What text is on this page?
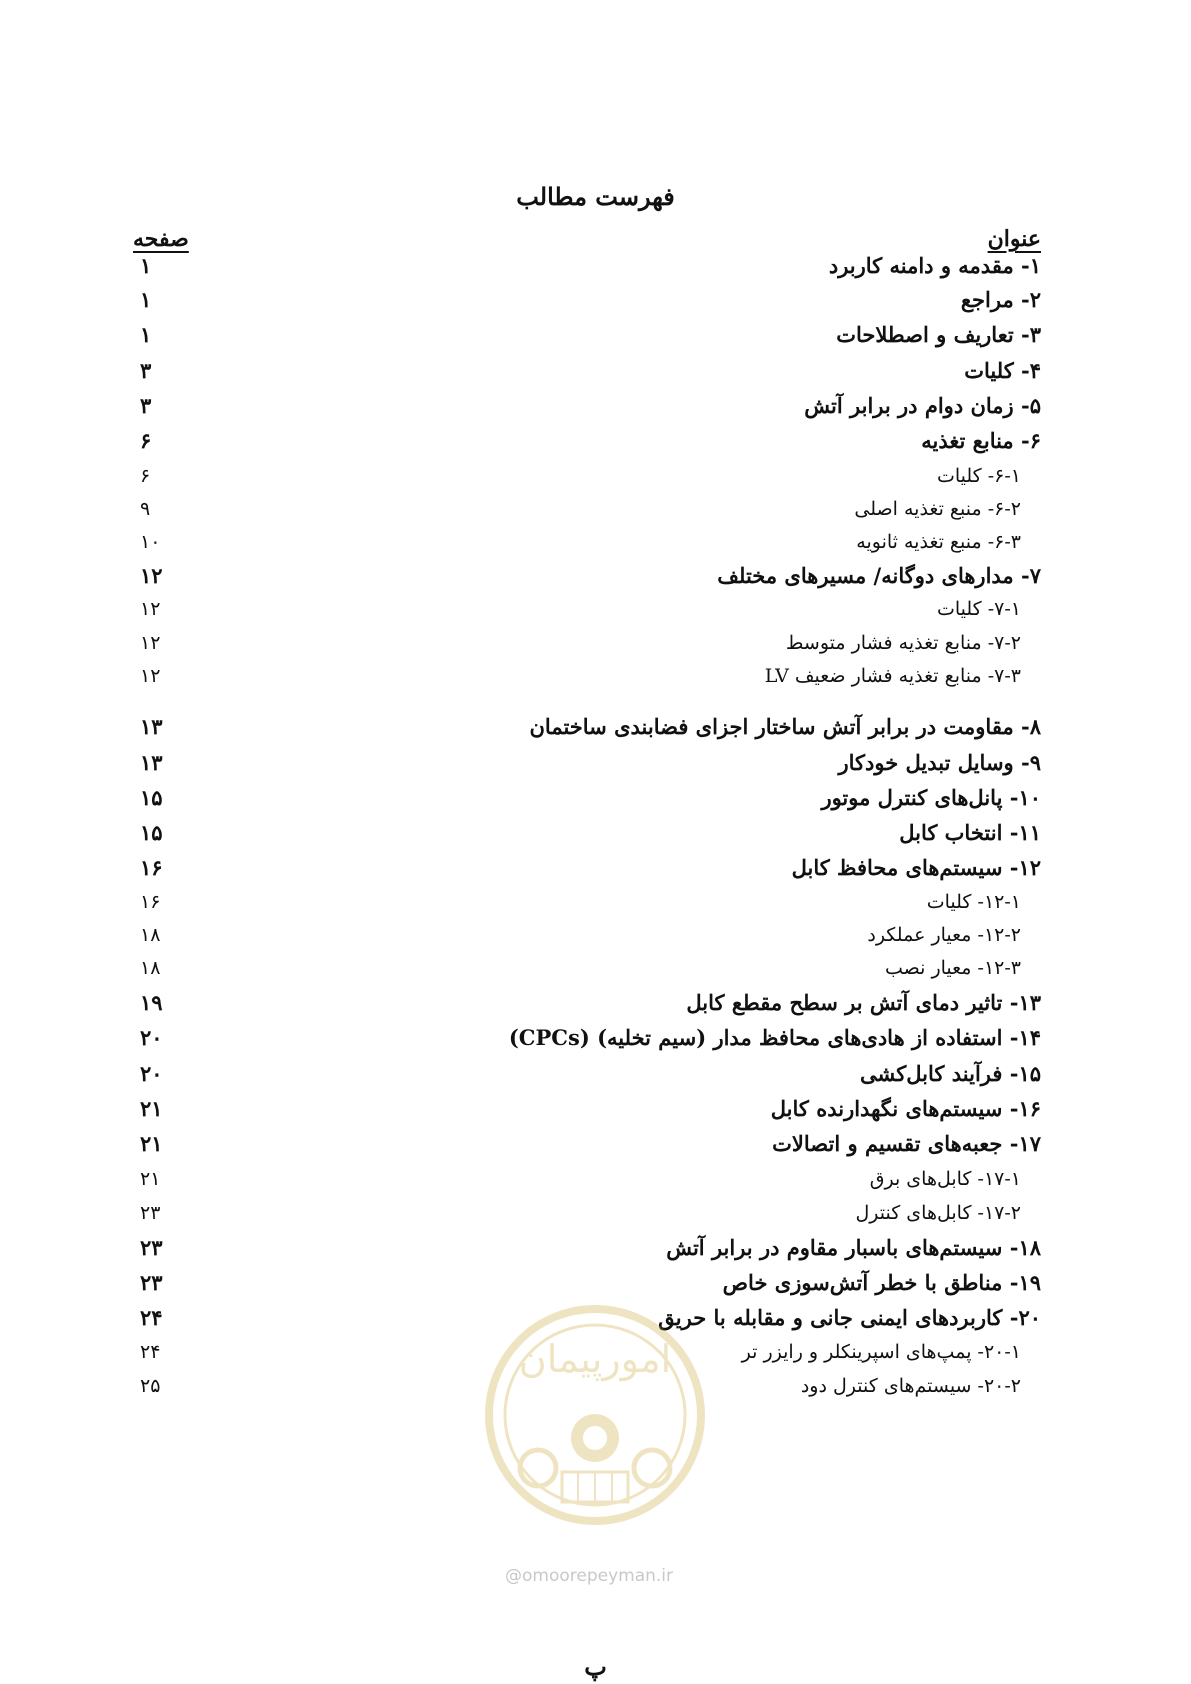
فهرست مطالب
عنوان
صفحه
۱- مقدمه و دامنه کاربرد
۱
۲- مراجع
۱
۳- تعاریف و اصطلاحات
۱
۴- کلیات
۳
۵- زمان دوام در برابر آتش
۳
۶- منابع تغذیه
۶
۶-۱- کلیات
۶
۶-۲- منبع تغذیه اصلی
۹
۶-۳- منبع تغذیه ثانویه
۱۰
۷- مدارهای دوگانه/ مسیرهای مختلف
۱۲
۷-۱- کلیات
۱۲
۷-۲- منابع تغذیه فشار متوسط
۱۲
۷-۳- منابع تغذیه فشار ضعیف LV
۱۲
۸- مقاومت در برابر آتش ساختار اجزای فضابندی ساختمان
۱۳
۹- وسایل تبدیل خودکار
۱۳
۱۰- پانل‌های کنترل موتور
۱۵
۱۱- انتخاب کابل
۱۵
۱۲- سیستم‌های محافظ کابل
۱۶
۱۲-۱- کلیات
۱۶
۱۲-۲- معیار عملکرد
۱۸
۱۲-۳- معیار نصب
۱۸
۱۳- تاثیر دمای آتش بر سطح مقطع کابل
۱۹
۱۴- استفاده از هادی‌های محافظ مدار (سیم تخلیه) (CPCs)
۲۰
۱۵- فرآیند کابل‌کشی
۲۰
۱۶- سیستم‌های نگهدارنده کابل
۲۱
۱۷- جعبه‌های تقسیم و اتصالات
۲۱
۱۷-۱- کابل‌های برق
۲۱
۱۷-۲- کابل‌های کنترل
۲۳
۱۸- سیستم‌های باسبار مقاوم در برابر آتش
۲۳
۱۹- مناطق با خطر آتش‌سوزی خاص
۲۳
۲۰- کاربردهای ایمنی جانی و مقابله با حریق
۲۴
۲۰-۱- پمپ‌های اسپرینکلر و رایزر تر
۲۴
۲۰-۲- سیستم‌های کنترل دود
۲۵
امورپیمان
@omoorepeyman.ir
پ
